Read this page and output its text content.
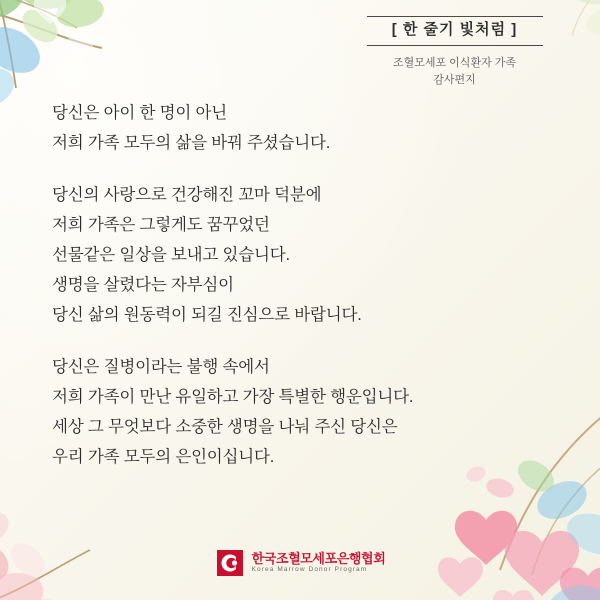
[ 한 줄기 빛처럼 ]
조혈모세포 이식환자 가족
감사편지
당신은 아이 한 명이 아닌
저희 가족 모두의 삶을 바꿔 주셨습니다.
당신의 사랑으로 건강해진 꼬마 덕분에
저희 가족은 그렇게도 꿈꾸었던
선물같은 일상을 보내고 있습니다.
생명을 살렸다는 자부심이
당신 삶의 원동력이 되길 진심으로 바랍니다.
당신은 질병이라는 불행 속에서
저희 가족이 만난 유일하고 가장 특별한 행운입니다.
세상 그 무엇보다 소중한 생명을 나눠 주신 당신은
우리 가족 모두의 은인이십니다.
한국조혈모세포은행협회
Korea Marrow Donor Program
